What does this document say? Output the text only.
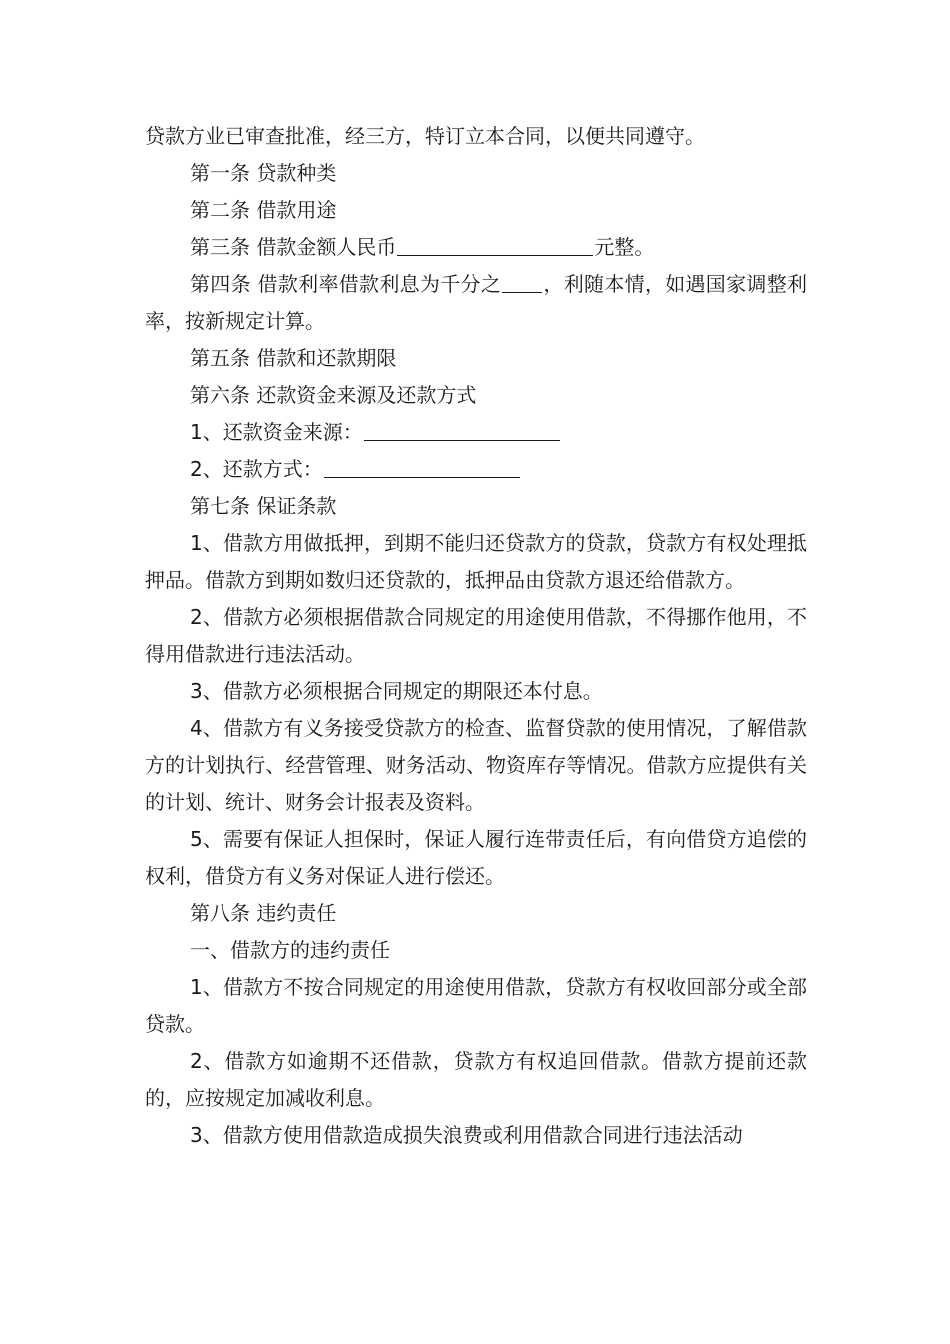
贷款方业已审查批准，经三方，特订立本合同，以便共同遵守。

第一条 贷款种类

第二条 借款用途

第三条 借款金额人民币	元整。

第四条 借款利率借款利息为千分之 ，利随本情，如遇国家调整利率，按新规定计算。

第五条 借款和还款期限

第六条 还款资金来源及还款方式

1、还款资金来源：

2、还款方式：

第七条 保证条款

1、借款方用做抵押，到期不能归还贷款方的贷款，贷款方有权处理抵押品。借款方到期如数归还贷款的，抵押品由贷款方退还给借款方。

2、借款方必须根据借款合同规定的用途使用借款，不得挪作他用，不得用借款进行违法活动。

3、借款方必须根据合同规定的期限还本付息。

4、借款方有义务接受贷款方的检查、监督贷款的使用情况，了解借款方的计划执行、经营管理、财务活动、物资库存等情况。借款方应提供有关的计划、统计、财务会计报表及资料。

5、需要有保证人担保时，保证人履行连带责任后，有向借贷方追偿的权利，借贷方有义务对保证人进行偿还。

第八条 违约责任

一、借款方的违约责任

1、借款方不按合同规定的用途使用借款，贷款方有权收回部分或全部贷款。

2、借款方如逾期不还借款，贷款方有权追回借款。借款方提前还款的，应按规定加减收利息。

3、借款方使用借款造成损失浪费或利用借款合同进行违法活动
